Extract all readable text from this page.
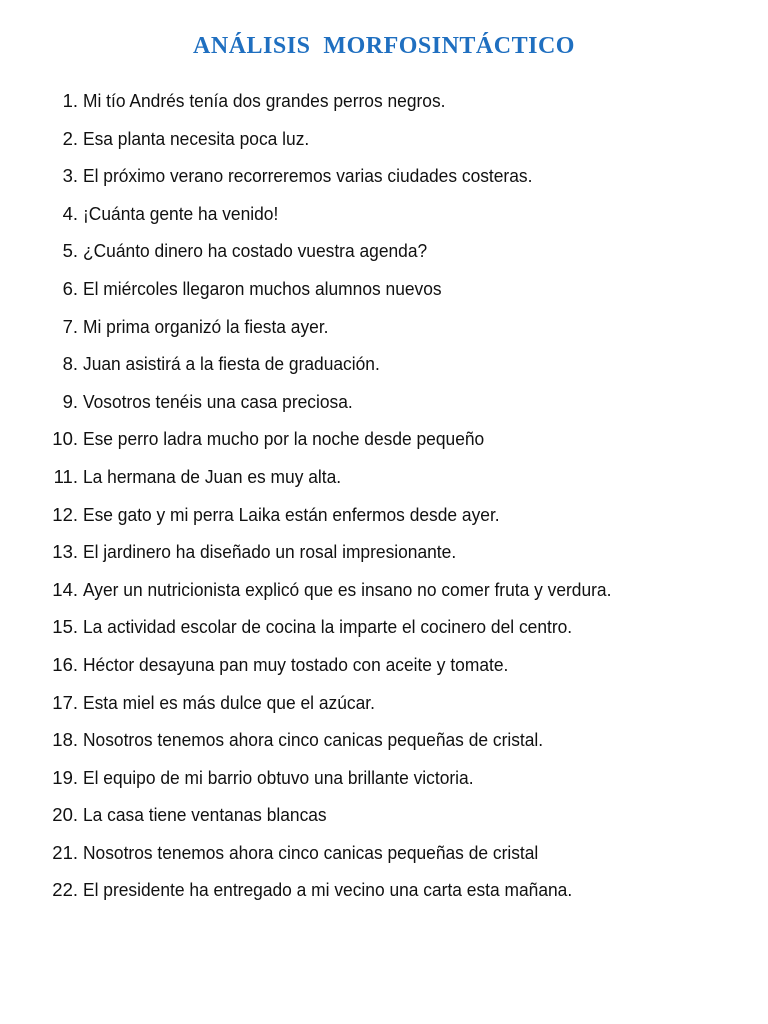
ANÁLISIS  MORFOSINTÁCTICO
1. Mi tío Andrés tenía dos grandes perros negros.
2. Esa planta necesita poca luz.
3. El próximo verano recorreremos varias ciudades costeras.
4. ¡Cuánta gente ha venido!
5. ¿Cuánto dinero ha costado vuestra agenda?
6. El miércoles llegaron muchos alumnos nuevos
7. Mi prima organizó la fiesta ayer.
8. Juan asistirá a la fiesta de graduación.
9. Vosotros tenéis una casa preciosa.
10. Ese perro ladra mucho por la noche desde pequeño
11. La hermana de Juan es muy alta.
12. Ese gato y mi perra Laika están enfermos desde ayer.
13. El jardinero ha diseñado un rosal impresionante.
14. Ayer un nutricionista explicó que es insano no comer fruta y verdura.
15. La actividad escolar de cocina la imparte el cocinero del centro.
16. Héctor desayuna pan muy tostado con aceite y tomate.
17. Esta miel es más dulce que el azúcar.
18. Nosotros tenemos ahora cinco canicas pequeñas de cristal.
19. El equipo de mi barrio obtuvo una brillante victoria.
20. La casa tiene ventanas blancas
21. Nosotros tenemos ahora cinco canicas pequeñas de cristal
22. El presidente ha entregado a mi vecino una carta esta mañana.
